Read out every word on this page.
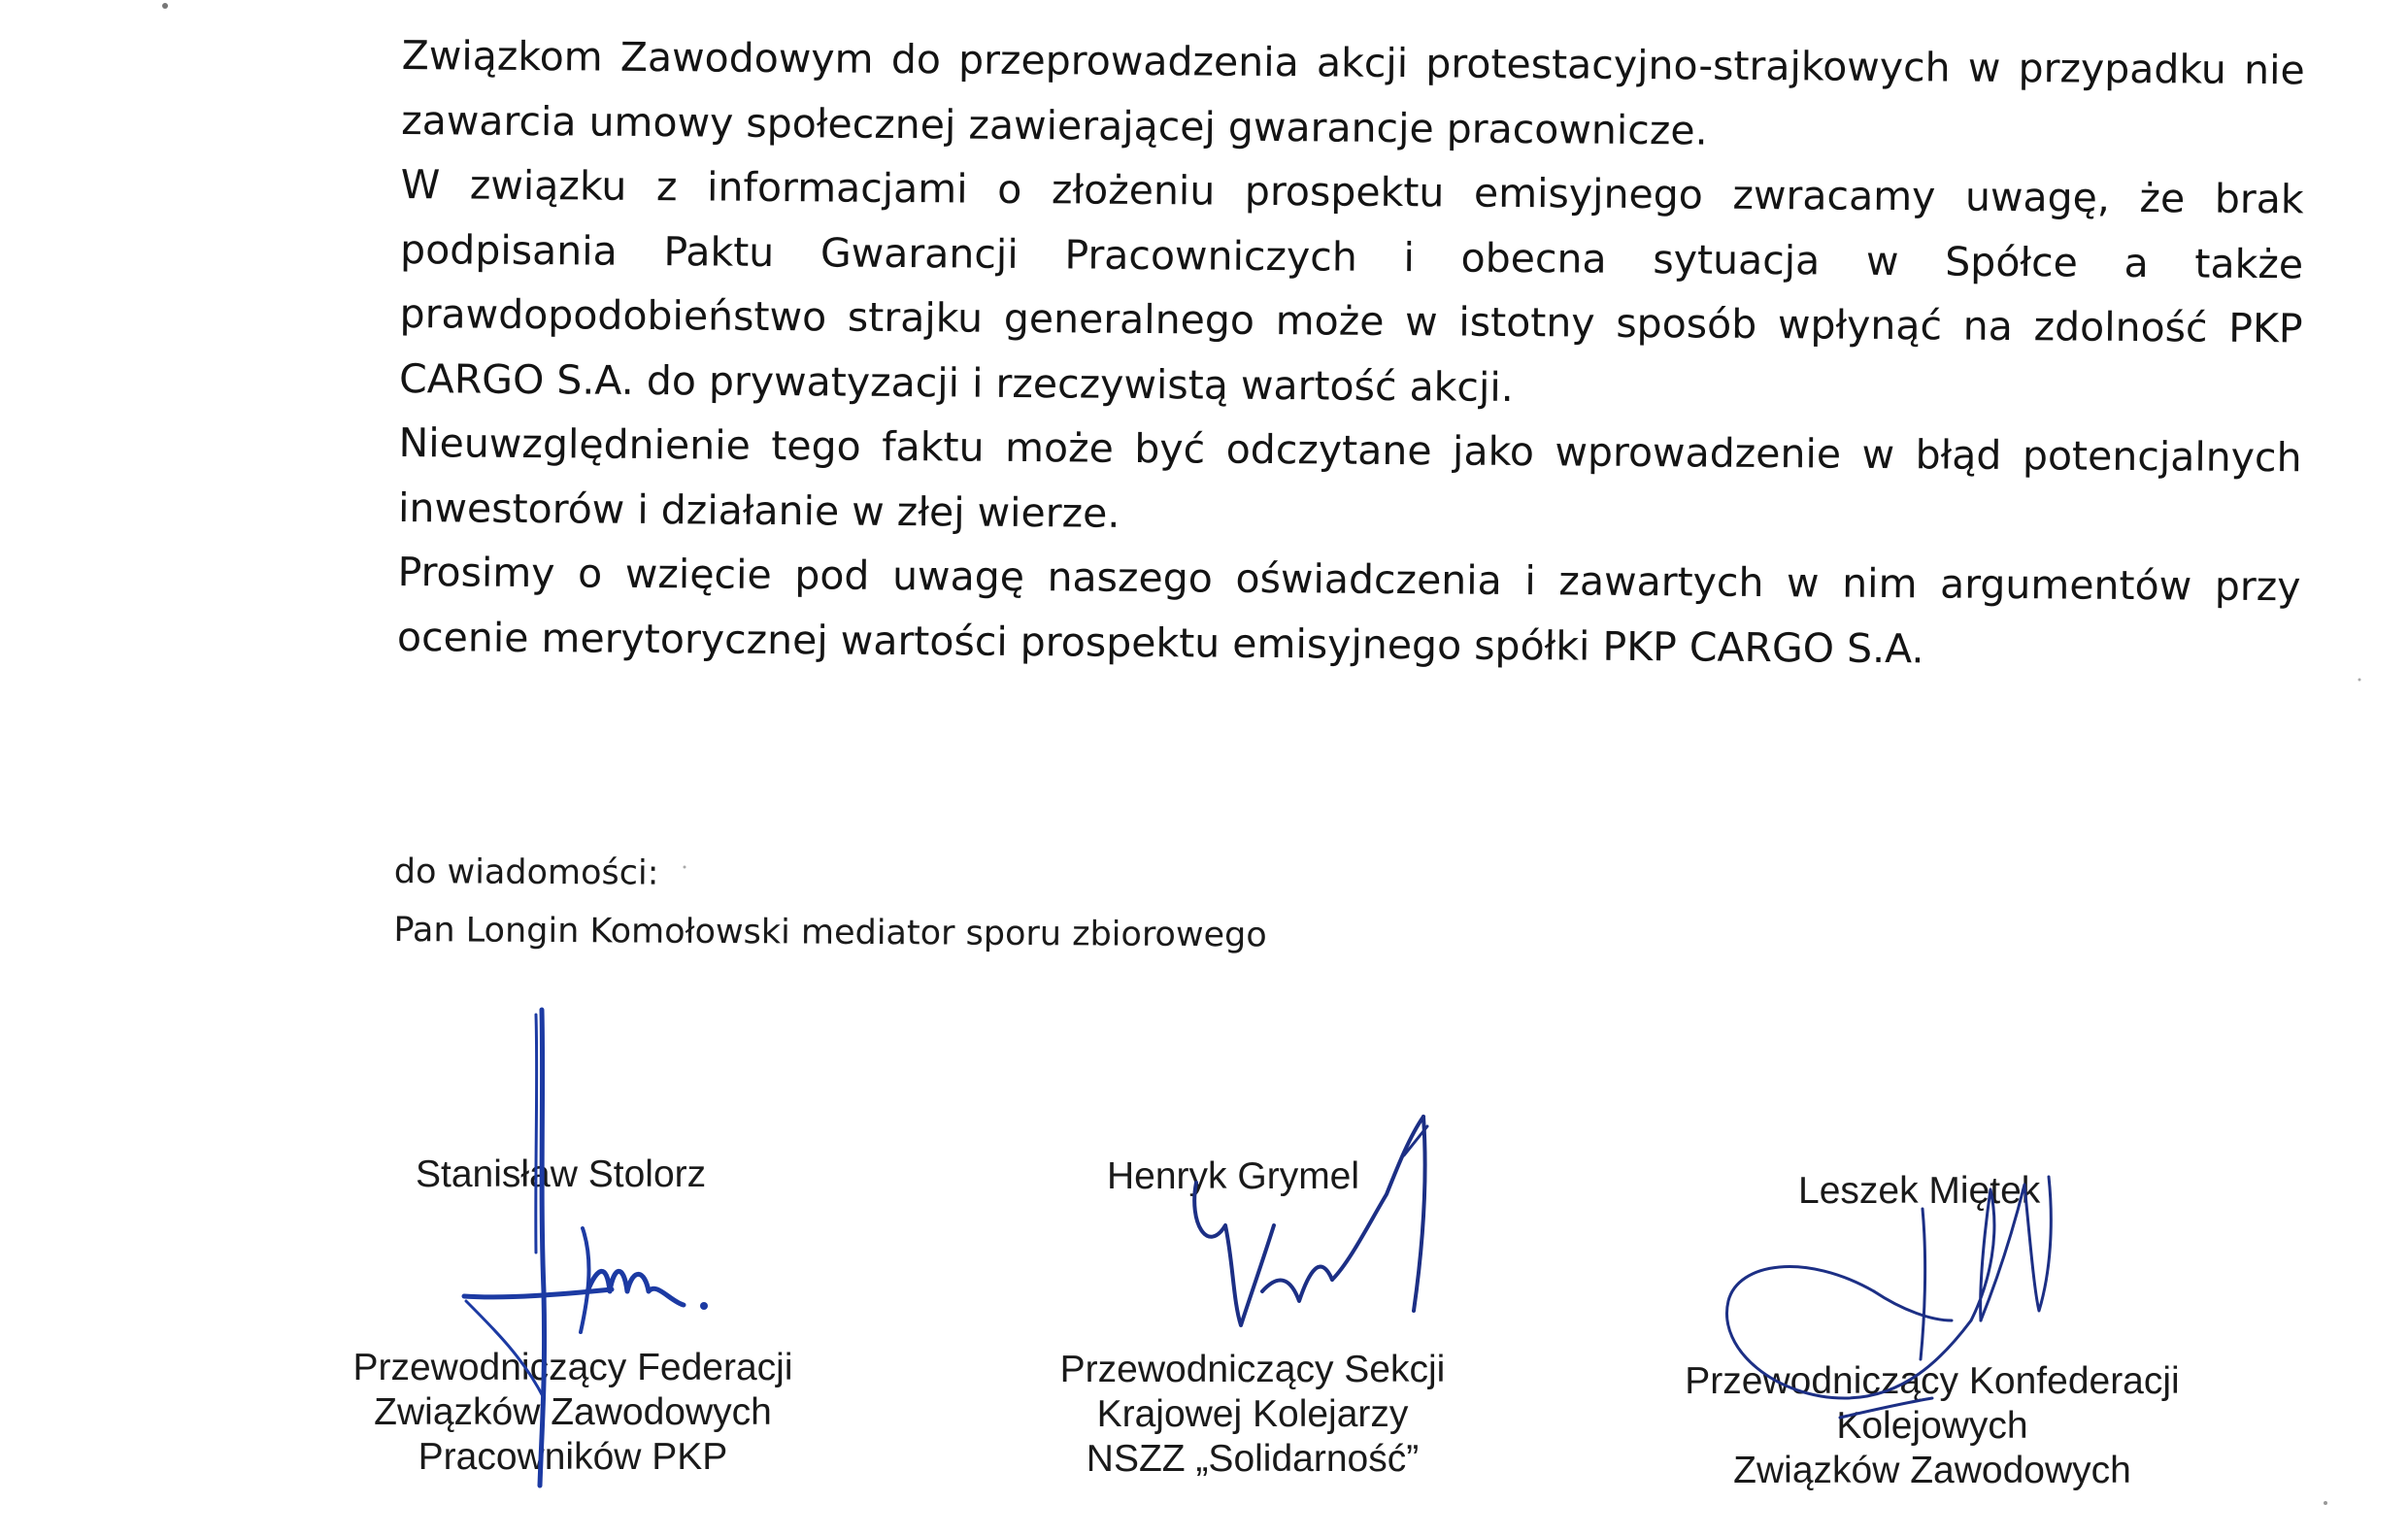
Związkom Zawodowym do przeprowadzenia akcji protestacyjno-strajkowych w przypadku nie zawarcia umowy społecznej zawierającej gwarancje pracownicze.

W związku z informacjami o złożeniu prospektu emisyjnego zwracamy uwagę, że brak podpisania Paktu Gwarancji Pracowniczych i obecna sytuacja w Spółce a także prawdopodobieństwo strajku generalnego może w istotny sposób wpłynąć na zdolność PKP CARGO S.A. do prywatyzacji i rzeczywistą wartość akcji.

Nieuwzględnienie tego faktu może być odczytane jako wprowadzenie w błąd potencjalnych inwestorów i działanie w złej wierze.

Prosimy o wzięcie pod uwagę naszego oświadczenia i zawartych w nim argumentów przy ocenie merytorycznej wartości prospektu emisyjnego spółki PKP CARGO S.A.

do wiadomości:
Pan Longin Komołowski mediator sporu zbiorowego
Stanisław Stolorz
Przewodniczący Federacji
Związków Zawodowych
Pracowników PKP
Henryk Grymel
Przewodniczący Sekcji
Krajowej Kolejarzy
NSZZ „Solidarność”
Leszek Miętek
Przewodniczący Konfederacji
Kolejowych
Związków Zawodowych
